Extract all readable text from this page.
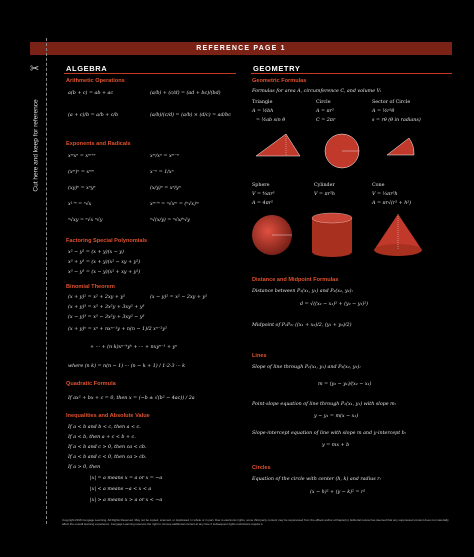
REFERENCE PAGE 1
✂
Cut here and keep for reference
ALGEBRA
Arithmetic Operations
a(b + c) = ab + ac	(a/b) + (c/d) = (ad + bc)/(bd)
(a + c)/b = a/b + c/b	(a/b)/(c/d) = (a/b) × (d/c) = ad/bc
Exponents and Radicals
xᵐxⁿ = xᵐ⁺ⁿ	xᵐ/xⁿ = xᵐ⁻ⁿ
(xᵐ)ⁿ = xᵐⁿ	x⁻ⁿ = 1/xⁿ
(xy)ⁿ = xⁿyⁿ	(x/y)ⁿ = xⁿ/yⁿ
x¹ᐟⁿ = ⁿ√x	xᵐᐟⁿ = ⁿ√xᵐ = (ⁿ√x)ᵐ
ⁿ√xy = ⁿ√x ⁿ√y	ⁿ√(x/y) = ⁿ√x/ⁿ√y
Factoring Special Polynomials
x² − y² = (x + y)(x − y)
x³ + y³ = (x + y)(x² − xy + y²)
x³ − y³ = (x − y)(x² + xy + y²)
Binomial Theorem
(x + y)² = x² + 2xy + y²	(x − y)² = x² − 2xy + y²
(x + y)³ = x³ + 3x²y + 3xy² + y³
(x − y)³ = x³ − 3x²y + 3xy² − y³
(x + y)ⁿ = xⁿ + nxⁿ⁻¹y + n(n − 1)/2 xⁿ⁻²y²
+ ··· + (n k)xⁿ⁻ᵏyᵏ + ··· + nxyⁿ⁻¹ + yⁿ
where (n k) = n(n − 1) ··· (n − k + 1) / 1·2·3 ··· k
Quadratic Formula
If ax² + bx + c = 0, then x = (−b ± √(b² − 4ac)) / 2a
Inequalities and Absolute Value
If a < b and b < c, then a < c.
If a < b, then a + c < b + c.
If a < b and c > 0, then ca < cb.
If a < b and c < 0, then ca > cb.
If a > 0, then
|x| = a means x = a or x = −a
|x| < a means −a < x < a
|x| > a means x > a or x < −a
GEOMETRY
Geometric Formulas
Formulas for area A, circumference C, and volume V:
Triangle
A = ½bh
= ½ab sin θ
Circle
A = πr²
C = 2πr
Sector of Circle
A = ½r²θ
s = rθ (θ in radians)
Sphere
V = ⁴⁄₃πr³
A = 4πr²
Cylinder
V = πr²h
Cone
V = ⅓πr²h
A = πr√(r² + h²)
Distance and Midpoint Formulas
Distance between P₁(x₁, y₁) and P₂(x₂, y₂):
d = √((x₂ − x₁)² + (y₂ − y₁)²)
Midpoint of P₁P₂: ((x₁ + x₂)/2, (y₁ + y₂)/2)
Lines
Slope of line through P₁(x₁, y₁) and P₂(x₂, y₂):
m = (y₂ − y₁)/(x₂ − x₁)
Point-slope equation of line through P₁(x₁, y₁) with slope m:
y − y₁ = m(x − x₁)
Slope-intercept equation of line with slope m and y-intercept b:
y = mx + b
Circles
Equation of the circle with center (h, k) and radius r:
(x − h)² + (y − k)² = r²
Copyright 2016 Cengage Learning. All Rights Reserved. May not be copied, scanned, or duplicated, in whole or in part. Due to electronic rights, some third party content may be suppressed from the eBook and/or eChapter(s). Editorial review has deemed that any suppressed content does not materially affect the overall learning experience. Cengage Learning reserves the right to remove additional content at any time if subsequent rights restrictions require it.
